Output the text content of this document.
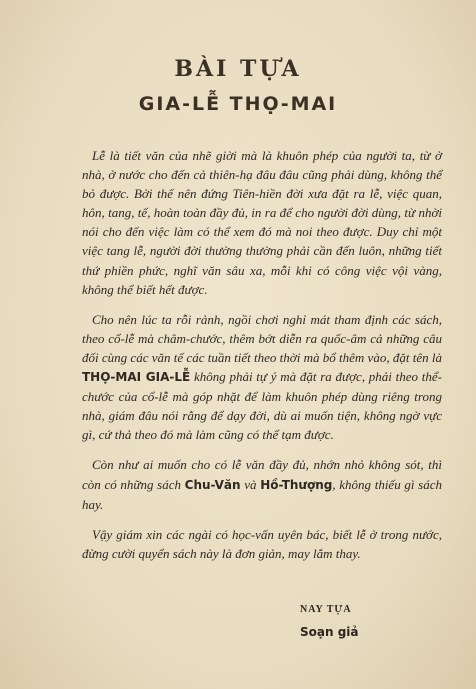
BÀI TỰA
GIA-LỄ THỌ-MAI

Lễ là tiết văn của nhẽ giời mà là khuôn phép của người ta, từ ở nhà, ở nước cho đến cả thiên-hạ đâu đâu cũng phải dùng, không thể bỏ được. Bởi thế nên đứng Tiên-hiền đời xưa đặt ra lễ, việc quan, hôn, tang, tế, hoàn toàn đầy đủ, in ra để cho người đời dùng, từ nhời nói cho đến việc làm có thể xem đó mà noi theo được. Duy chỉ một việc tang lễ, người đời thường thường phải cần đến luôn, những tiết thứ phiền phức, nghĩ văn sâu xa, mỗi khi có công việc vội vàng, không thể biết hết được.

Cho nên lúc ta rỗi rảnh, ngồi chơi nghỉ mát tham định các sách, theo cổ-lễ mà châm-chước, thêm bớt diễn ra quốc-âm cả những câu đối cùng các văn tế các tuần tiết theo thời mà bổ thêm vào, đặt tên là THỌ-MAI GIA-LỄ không phải tự ý mà đặt ra được, phải theo thể-chước của cổ-lễ mà góp nhặt để làm khuôn phép dùng riêng trong nhà, giám đâu nói rằng để dạy đời, dù ai muốn tiện, không ngờ vực gì, cứ thả theo đó mà làm cũng có thể tạm được.

Còn như ai muốn cho có lễ văn đầy đủ, nhớn nhỏ không sót, thì còn có những sách Chu-Văn và Hồ-Thượng, không thiếu gì sách hay.

Vậy giám xin các ngài có học-vấn uyên bác, biết lễ ở trong nước, đừng cười quyển sách này là đơn giản, may lắm thay.

NAY TỰA
Soạn giả
